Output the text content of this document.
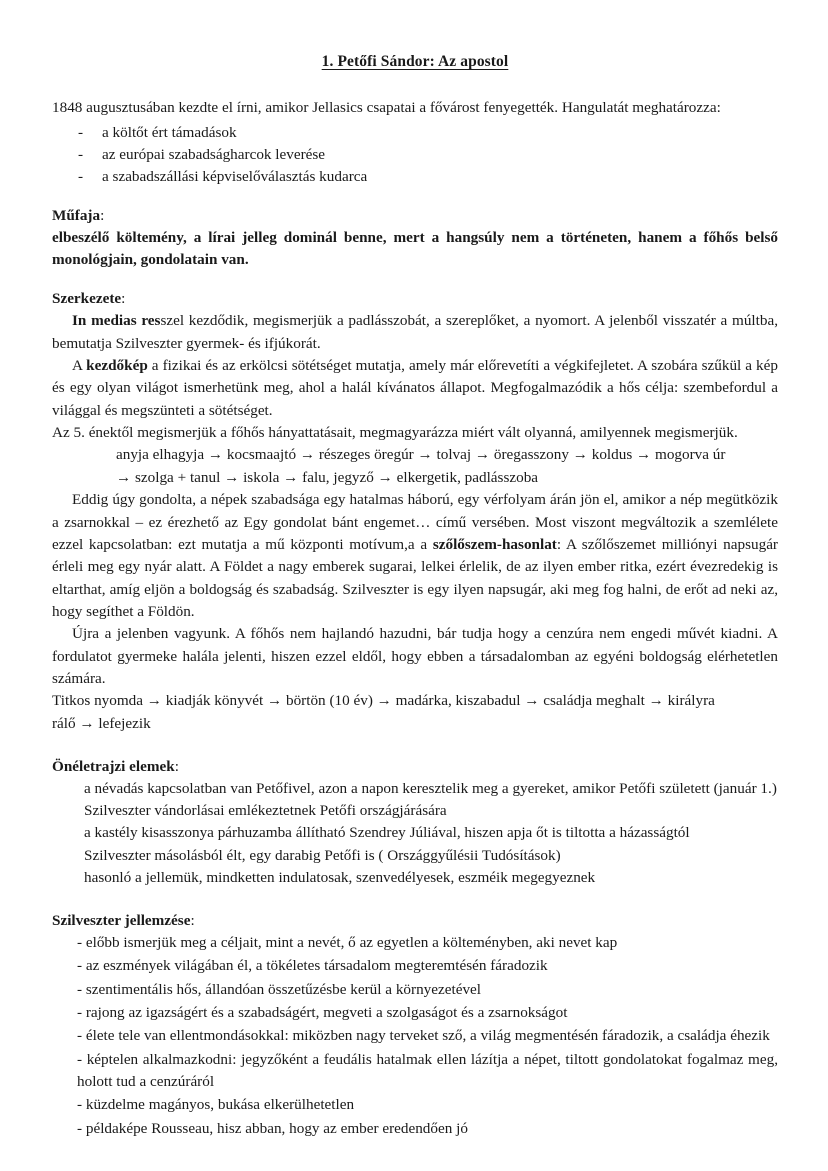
1. Petőfi Sándor: Az apostol

1848 augusztusában kezdte el írni, amikor Jellasics csapatai a fővárost fenyegették. Hangulatát meghatározza:

- a költőt ért támadások
- az európai szabadságharcok leverése
- a szabadszállási képviselőválasztás kudarca

Műfaja:

elbeszélő költemény, a lírai jelleg dominál benne, mert a hangsúly nem a történeten, hanem a főhős belső monológjain, gondolatain van.

Szerkezete:

In medias resszel kezdődik, megismerjük a padlásszobát, a szereplőket, a nyomort. A jelenből visszatér a múltba, bemutatja Szilveszter gyermek- és ifjúkorát.

A kezdőkép a fizikai és az erkölcsi sötétséget mutatja, amely már előrevetíti a végkifejletet. A szobára szűkül a kép és egy olyan világot ismerhetünk meg, ahol a halál kívánatos állapot. Megfogalmazódik a hős célja: szembefordul a világgal és megszünteti a sötétséget.

Az 5. énektől megismerjük a főhős hányattatásait, megmagyarázza miért vált olyanná, amilyennek megismerjük.

anyja elhagyja → kocsmaajtó → részeges öregúr → tolvaj → öregasszony → koldus → mogorva úr

→ szolga + tanul → iskola → falu, jegyző → elkergetik, padlásszoba

Eddig úgy gondolta, a népek szabadsága egy hatalmas háború, egy vérfolyam árán jön el, amikor a nép megütközik a zsarnokkal – ez érezhető az Egy gondolat bánt engemet… című versében. Most viszont megváltozik a szemlélete ezzel kapcsolatban: ezt mutatja a mű központi motívum,a a szőlőszem-hasonlat: A szőlőszemet milliónyi napsugár érleli meg egy nyár alatt. A Földet a nagy emberek sugarai, lelkei érlelik, de az ilyen ember ritka, ezért évezredekig is eltarthat, amíg eljön a boldogság és szabadság. Szilveszter is egy ilyen napsugár, aki meg fog halni, de erőt ad neki az, hogy segíthet a Földön.

Újra a jelenben vagyunk. A főhős nem hajlandó hazudni, bár tudja hogy a cenzúra nem engedi művét kiadni. A fordulatot gyermeke halála jelenti, hiszen ezzel eldől, hogy ebben a társadalomban az egyéni boldogság elérhetetlen számára.

Titkos nyomda → kiadják könyvét → börtön (10 év) → madárka, kiszabadul → családja meghalt → királyra

rálő → lefejezik

Önéletrajzi elemek:

a névadás kapcsolatban van Petőfivel, azon a napon keresztelik meg a gyereket, amikor Petőfi született (január 1.)
Szilveszter vándorlásai emlékeztetnek Petőfi országjárására
a kastély kisasszonya párhuzamba állítható Szendrey Júliával, hiszen apja őt is tiltotta a házasságtól
Szilveszter másolásból élt, egy darabig Petőfi is ( Országgyűlésii Tudósítások)
hasonló a jellemük, mindketten indulatosak, szenvedélyesek, eszméik megegyeznek

Szilveszter jellemzése:

- előbb ismerjük meg a céljait, mint a nevét, ő az egyetlen a költeményben, aki nevet kap
- az eszmények világában él, a tökéletes társadalom megteremtésén fáradozik
- szentimentális hős, állandóan összetűzésbe kerül a környezetével
- rajong az igazságért és a szabadságért, megveti a szolgaságot és a zsarnokságot
- élete tele van ellentmondásokkal: miközben nagy terveket sző, a világ megmentésén fáradozik, a családja éhezik
- képtelen alkalmazkodni: jegyzőként a feudális hatalmak ellen lázítja a népet, tiltott gondolatokat fogalmaz meg, holott tud a cenzúráról
- küzdelme magányos, bukása elkerülhetetlen
- példaképe Rousseau, hisz abban, hogy az ember eredendően jó
